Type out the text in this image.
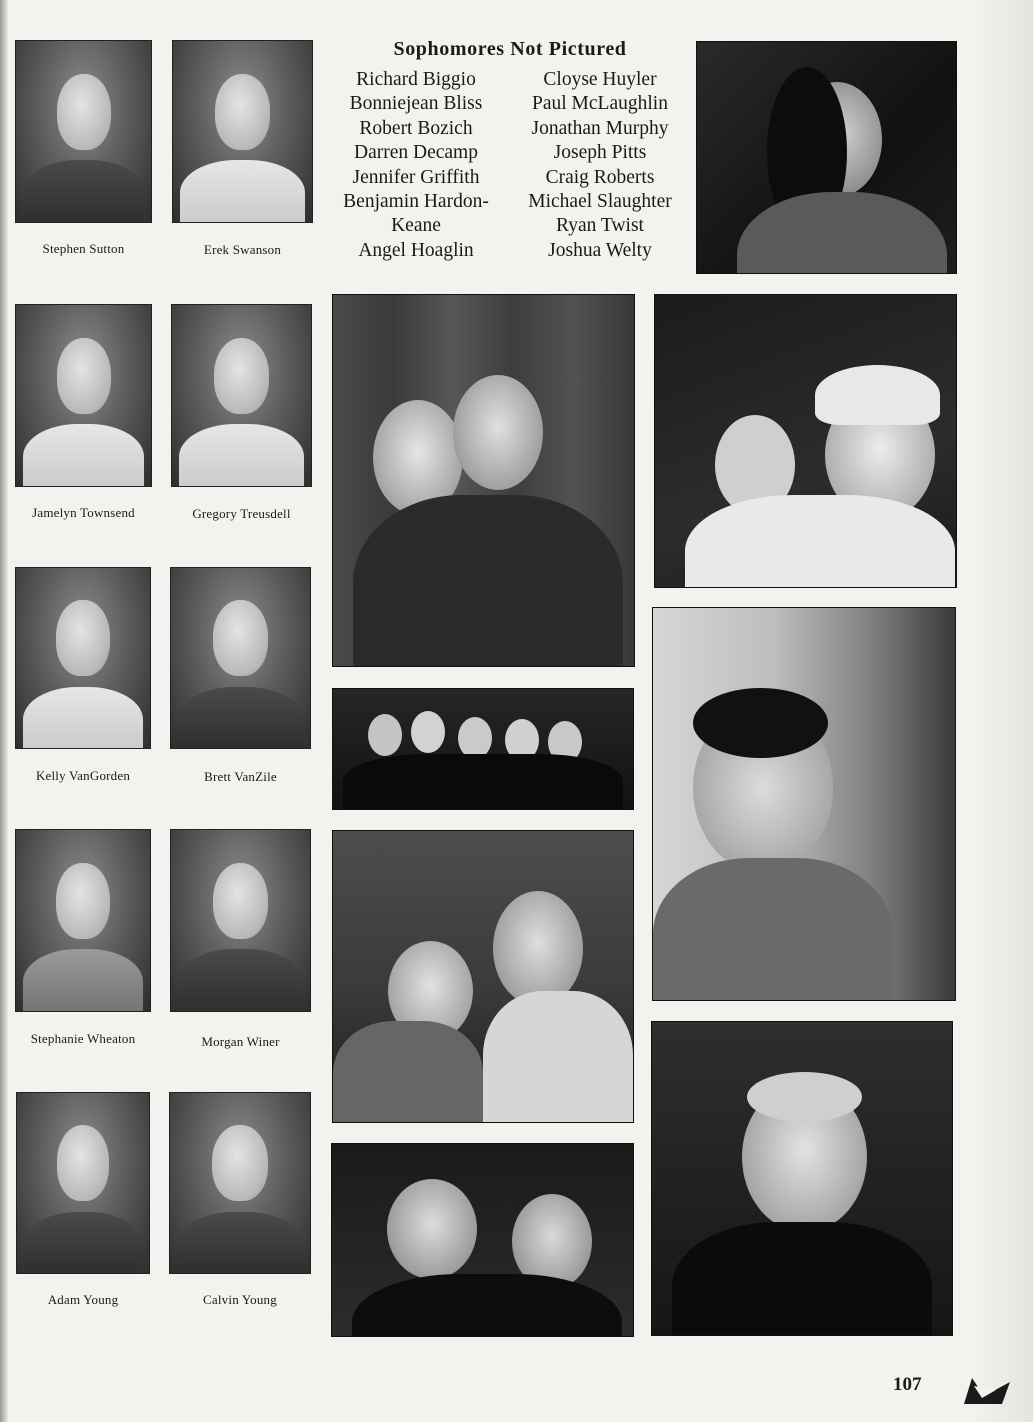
Stephen Sutton	Erek Swanson
Jamelyn Townsend	Gregory Treusdell
Kelly VanGorden	Brett VanZile
Stephanie Wheaton	Morgan Winer
Adam Young	Calvin Young
Sophomores Not Pictured
Richard Biggio
Bonniejean Bliss
Robert Bozich
Darren Decamp
Jennifer Griffith
Benjamin Hardon-
Keane
Angel Hoaglin
Cloyse Huyler
Paul McLaughlin
Jonathan Murphy
Joseph Pitts
Craig Roberts
Michael Slaughter
Ryan Twist
Joshua Welty
107
